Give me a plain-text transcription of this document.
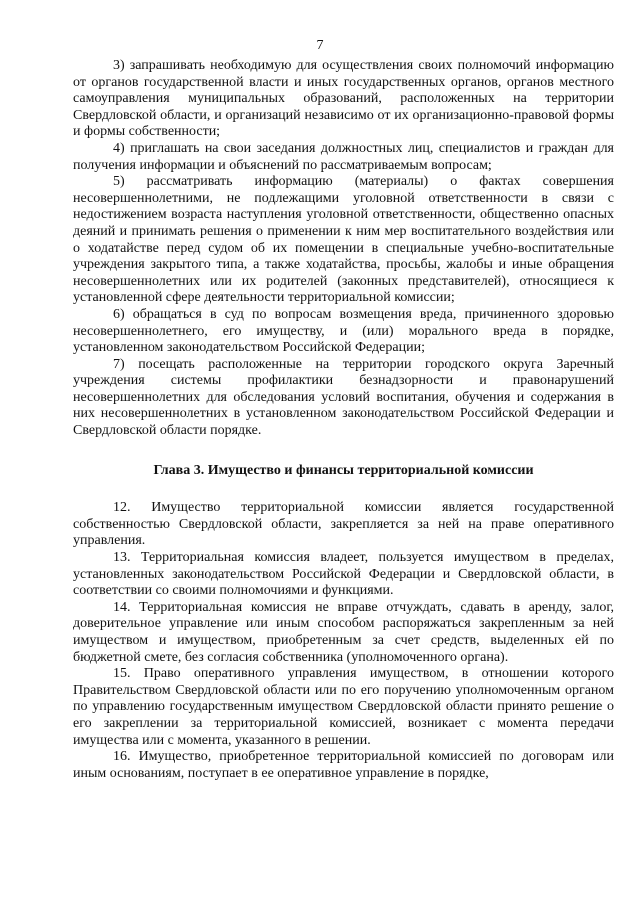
7

3) запрашивать необходимую для осуществления своих полномочий информацию от органов государственной власти и иных государственных органов, органов местного самоуправления муниципальных образований, расположенных на территории Свердловской области, и организаций независимо от их организационно-правовой формы и формы собственности;

4) приглашать на свои заседания должностных лиц, специалистов и граждан для получения информации и объяснений по рассматриваемым вопросам;

5) рассматривать информацию (материалы) о фактах совершения несовершеннолетними, не подлежащими уголовной ответственности в связи с недостижением возраста наступления уголовной ответственности, общественно опасных деяний и принимать решения о применении к ним мер воспитательного воздействия или о ходатайстве перед судом об их помещении в специальные учебно-воспитательные учреждения закрытого типа, а также ходатайства, просьбы, жалобы и иные обращения несовершеннолетних или их родителей (законных представителей), относящиеся к установленной сфере деятельности территориальной комиссии;

6) обращаться в суд по вопросам возмещения вреда, причиненного здоровью несовершеннолетнего, его имуществу, и (или) морального вреда в порядке, установленном законодательством Российской Федерации;

7) посещать расположенные на территории городского округа Заречный учреждения системы профилактики безнадзорности и правонарушений несовершеннолетних для обследования условий воспитания, обучения и содержания в них несовершеннолетних в установленном законодательством Российской Федерации и Свердловской области порядке.

Глава 3. Имущество и финансы территориальной комиссии

12. Имущество территориальной комиссии является государственной собственностью Свердловской области, закрепляется за ней на праве оперативного управления.

13. Территориальная комиссия владеет, пользуется имуществом в пределах, установленных законодательством Российской Федерации и Свердловской области, в соответствии со своими полномочиями и функциями.

14. Территориальная комиссия не вправе отчуждать, сдавать в аренду, залог, доверительное управление или иным способом распоряжаться закрепленным за ней имуществом и имуществом, приобретенным за счет средств, выделенных ей по бюджетной смете, без согласия собственника (уполномоченного органа).

15. Право оперативного управления имуществом, в отношении которого Правительством Свердловской области или по его поручению уполномоченным органом по управлению государственным имуществом Свердловской области принято решение о его закреплении за территориальной комиссией, возникает с момента передачи имущества или с момента, указанного в решении.

16. Имущество, приобретенное территориальной комиссией по договорам или иным основаниям, поступает в ее оперативное управление в порядке,
